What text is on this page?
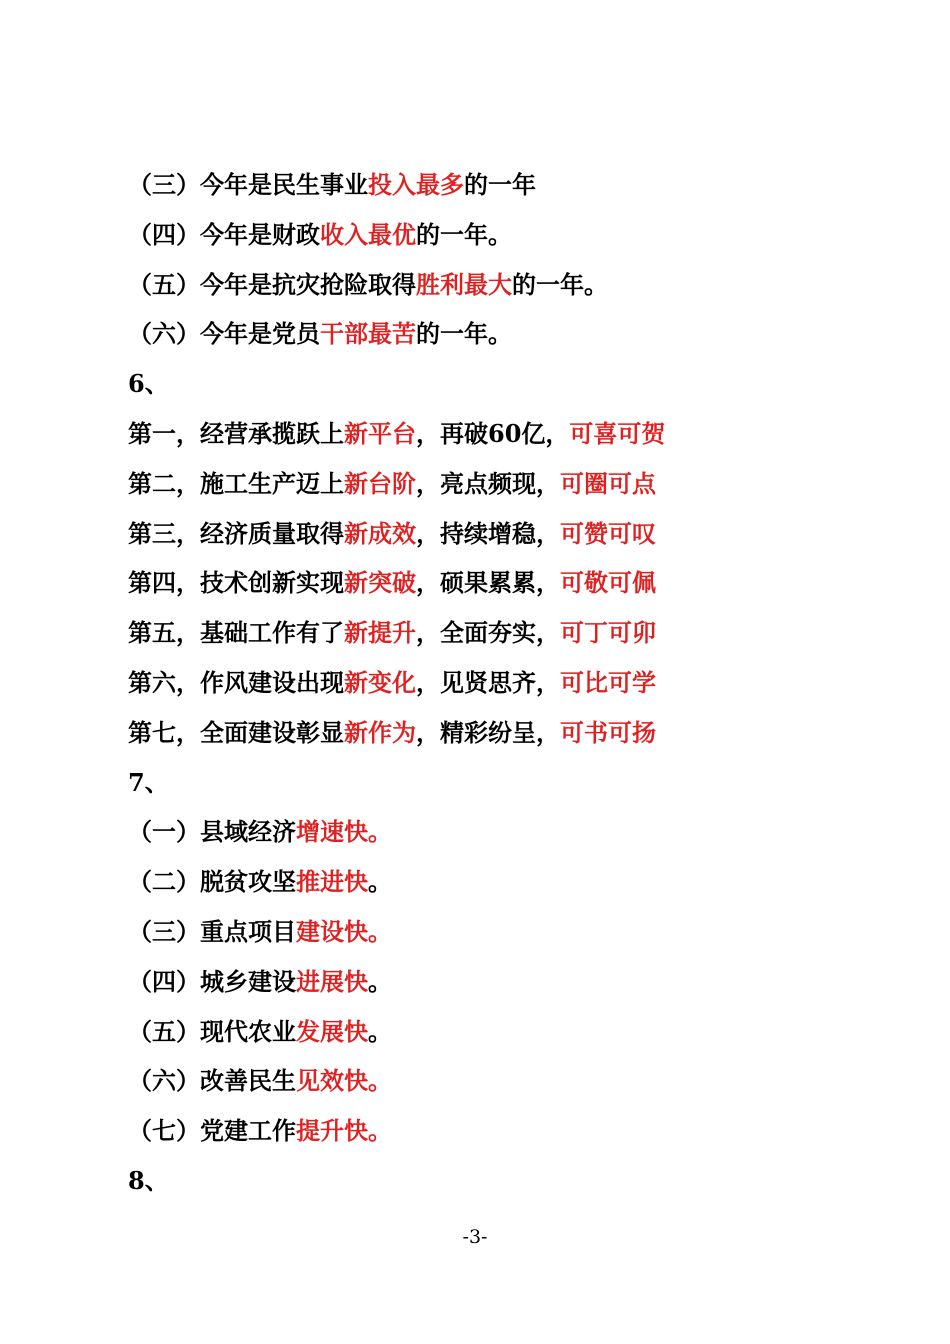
（三）今年是民生事业投入最多的一年
（四）今年是财政收入最优的一年。
（五）今年是抗灾抢险取得胜利最大的一年。
（六）今年是党员干部最苦的一年。
6、
第一，经营承揽跃上新平台，再破60亿，可喜可贺
第二，施工生产迈上新台阶，亮点频现，可圈可点
第三，经济质量取得新成效，持续增稳，可赞可叹
第四，技术创新实现新突破，硕果累累，可敬可佩
第五，基础工作有了新提升，全面夯实，可丁可卯
第六，作风建设出现新变化，见贤思齐，可比可学
第七，全面建设彰显新作为，精彩纷呈，可书可扬
7、
（一）县域经济增速快。
（二）脱贫攻坚推进快。
（三）重点项目建设快。
（四）城乡建设进展快。
（五）现代农业发展快。
（六）改善民生见效快。
（七）党建工作提升快。
8、
-3-
